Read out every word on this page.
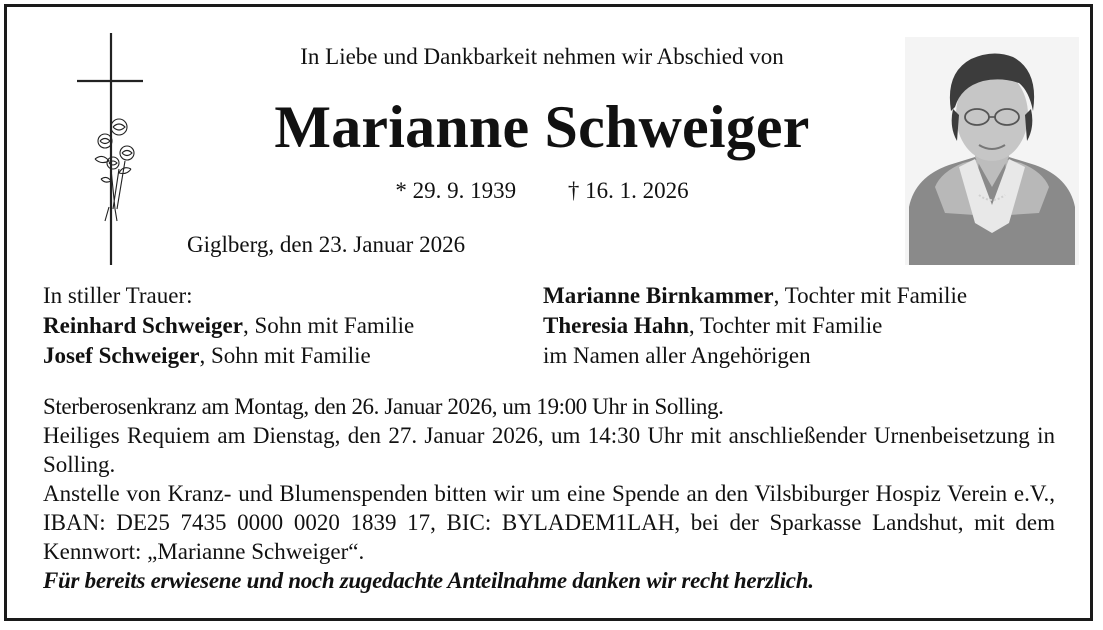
In Liebe und Dankbarkeit nehmen wir Abschied von
Marianne Schweiger
* 29. 9. 1939 † 16. 1. 2026
Giglberg, den 23. Januar 2026
In stiller Trauer:
Reinhard Schweiger, Sohn mit Familie
Josef Schweiger, Sohn mit Familie
Marianne Birnkammer, Tochter mit Familie
Theresia Hahn, Tochter mit Familie
im Namen aller Angehörigen

Sterberosenkranz am Montag, den 26. Januar 2026, um 19:00 Uhr in Solling.

Heiliges Requiem am Dienstag, den 27. Januar 2026, um 14:30 Uhr mit anschließender Urnenbeisetzung in Solling.

Anstelle von Kranz- und Blumenspenden bitten wir um eine Spende an den Vilsbiburger Hospiz Verein e.V., IBAN: DE25 7435 0000 0020 1839 17, BIC: BYLADEM1LAH, bei der Sparkasse Landshut, mit dem Kennwort: „Marianne Schweiger“.

Für bereits erwiesene und noch zugedachte Anteilnahme danken wir recht herzlich.
